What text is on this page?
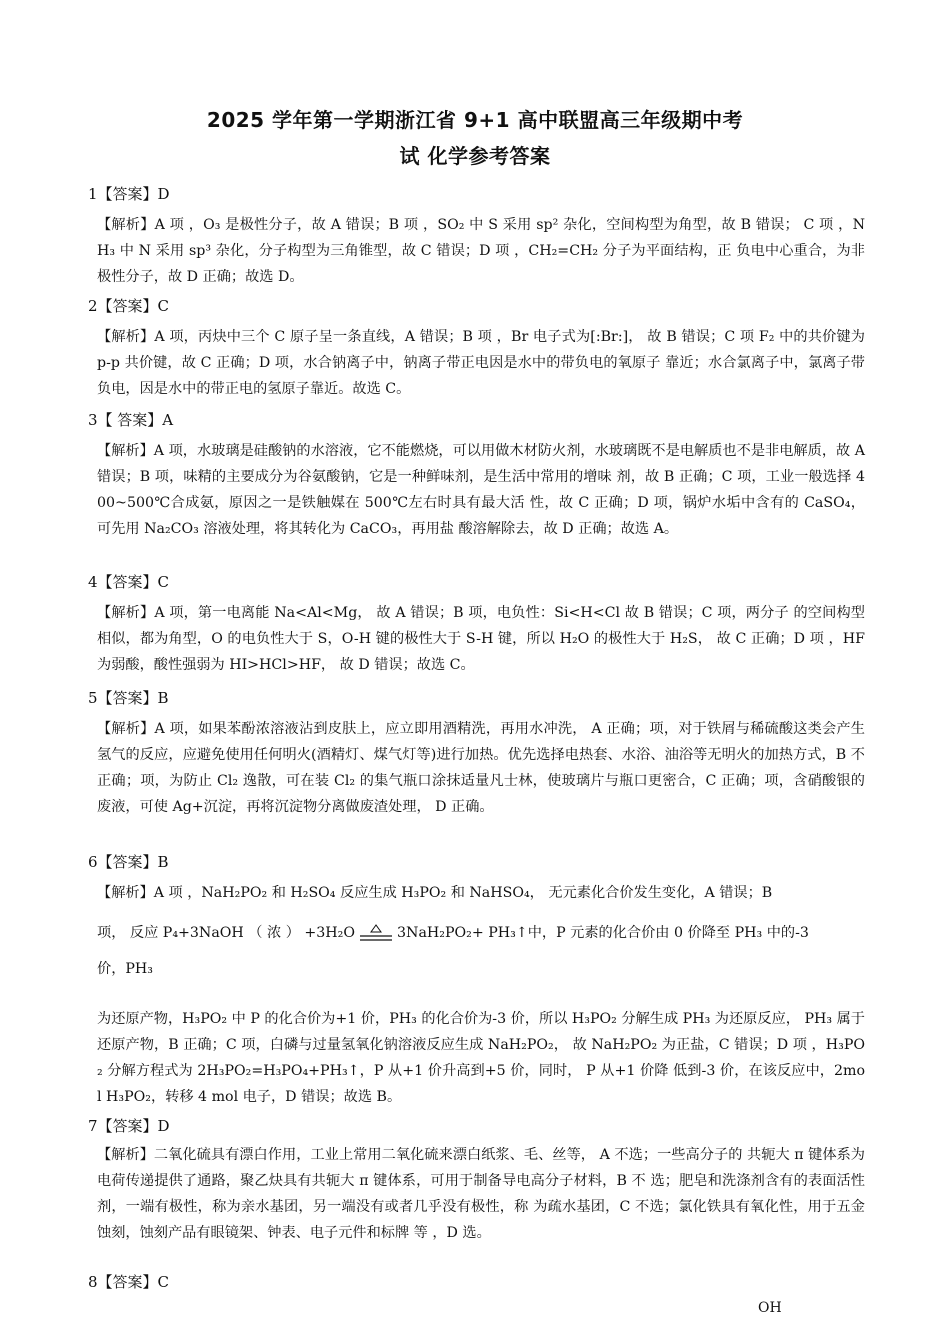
2025 学年第一学期浙江省 9+1 高中联盟高三年级期中考
试 化学参考答案
1【答案】D
【解析】A 项 ，O₃ 是极性分子，故 A 错误；B 项 ，SO₂ 中 S 采用 sp² 杂化，空间构型为角型，故 B 错误； C 项 ，NH₃ 中 N 采用 sp³ 杂化，分子构型为三角锥型，故 C 错误；D 项 ，CH₂=CH₂ 分子为平面结构，正 负电中心重合，为非极性分子，故 D 正确；故选 D。
2【答案】C
【解析】A 项，丙炔中三个 C 原子呈一条直线，A 错误；B 项 ，Br 电子式为[:Br:]， 故 B 错误；C 项 F₂ 中的共价键为 p-p 共价键，故 C 正确；D 项，水合钠离子中，钠离子带正电因是水中的带负电的氧原子 靠近；水合氯离子中，氯离子带负电，因是水中的带正电的氢原子靠近。故选 C。
3【 答案】A
【解析】A 项，水玻璃是硅酸钠的水溶液，它不能燃烧，可以用做木材防火剂，水玻璃既不是电解质也不是非电解质，故 A 错误；B 项，味精的主要成分为谷氨酸钠，它是一种鲜味剂，是生活中常用的增味 剂，故 B 正确；C 项，工业一般选择 400~500℃合成氨，原因之一是铁触媒在 500℃左右时具有最大活 性，故 C 正确；D 项，锅炉水垢中含有的 CaSO₄， 可先用 Na₂CO₃ 溶液处理，将其转化为 CaCO₃，再用盐 酸溶解除去，故 D 正确；故选 A。
4【答案】C
【解析】A 项，第一电离能 Na<Al<Mg， 故 A 错误；B 项，电负性：Si<H<Cl 故 B 错误；C 项，两分子 的空间构型相似，都为角型，O 的电负性大于 S，O-H 键的极性大于 S-H 键，所以 H₂O 的极性大于 H₂S， 故 C 正确；D 项 ，HF 为弱酸，酸性强弱为 HI>HCl>HF， 故 D 错误；故选 C。
5【答案】B
【解析】A 项，如果苯酚浓溶液沾到皮肤上，应立即用酒精洗，再用水冲洗， A 正确；项，对于铁屑与稀硫酸这类会产生氢气的反应，应避免使用任何明火(酒精灯、煤气灯等)进行加热。优先选择电热套、水浴、油浴等无明火的加热方式，B 不正确；项，为防止 Cl₂ 逸散，可在装 Cl₂ 的集气瓶口涂抹适量凡士林，使玻璃片与瓶口更密合，C 正确；项，含硝酸银的废液，可使 Ag+沉淀，再将沉淀物分离做废渣处理， D 正确。
6【答案】B
【解析】A 项 ，NaH₂PO₂ 和 H₂SO₄ 反应生成 H₃PO₂ 和 NaHSO₄， 无元素化合价发生变化，A 错误；B
项， 反应 P₄+3NaOH （ 浓 ） +3H₂O	3NaH₂PO₂+ PH₃↑中，P 元素的化合价由 0 价降至 PH₃ 中的-3
价，PH₃
为还原产物，H₃PO₂ 中 P 的化合价为+1 价，PH₃ 的化合价为-3 价，所以 H₃PO₂ 分解生成 PH₃ 为还原反应， PH₃ 属于还原产物，B 正确；C 项，白磷与过量氢氧化钠溶液反应生成 NaH₂PO₂， 故 NaH₂PO₂ 为正盐，C 错误；D 项 ，H₃PO₂ 分解方程式为 2H₃PO₂=H₃PO₄+PH₃↑，P 从+1 价升高到+5 价，同时， P 从+1 价降 低到-3 价，在该反应中，2mol H₃PO₂，转移 4 mol 电子，D 错误；故选 B。
7【答案】D
【解析】二氧化硫具有漂白作用，工业上常用二氧化硫来漂白纸浆、毛、丝等， A 不选；一些高分子的 共轭大 π 键体系为电荷传递提供了通路，聚乙炔具有共轭大 π 键体系，可用于制备导电高分子材料，B 不 选；肥皂和洗涤剂含有的表面活性剂，一端有极性，称为亲水基团，另一端没有或者几乎没有极性，称 为疏水基团，C 不选；氯化铁具有氧化性，用于五金蚀刻，蚀刻产品有眼镜架、钟表、电子元件和标牌 等 ，D 选。
8【答案】C
OH
